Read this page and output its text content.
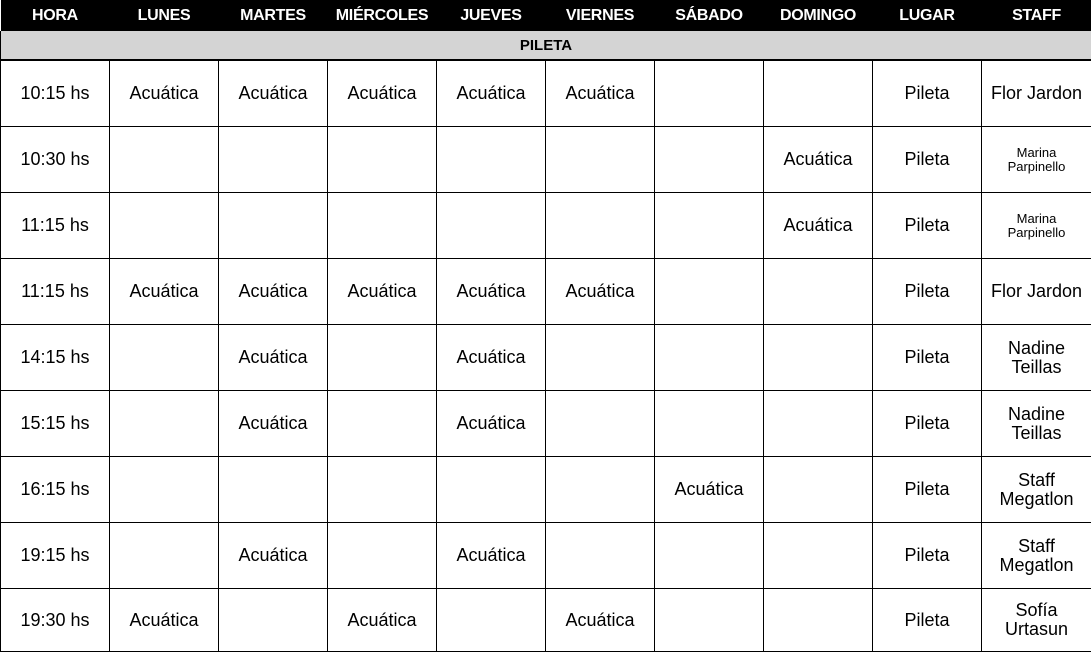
HORA	LUNES	MARTES	MIÉRCOLES	JUEVES	VIERNES	SÁBADO	DOMINGO	LUGAR	STAFF
PILETA									
10:15 hs	Acuática	Acuática	Acuática	Acuática	Acuática			Pileta	Flor Jardon

10:30 hs							Acuática	Pileta	Marina
Parpinello

11:15 hs							Acuática	Pileta	Marina
Parpinello

11:15 hs	Acuática	Acuática	Acuática	Acuática	Acuática			Pileta	Flor Jardon

14:15 hs		Acuática		Acuática				Pileta	Nadine
Teillas

15:15 hs		Acuática		Acuática				Pileta	Nadine
Teillas

16:15 hs						Acuática		Pileta	Staff
Megatlon

19:15 hs		Acuática		Acuática				Pileta	Staff
Megatlon

19:30 hs	Acuática		Acuática		Acuática			Pileta	Sofía
Urtasun
